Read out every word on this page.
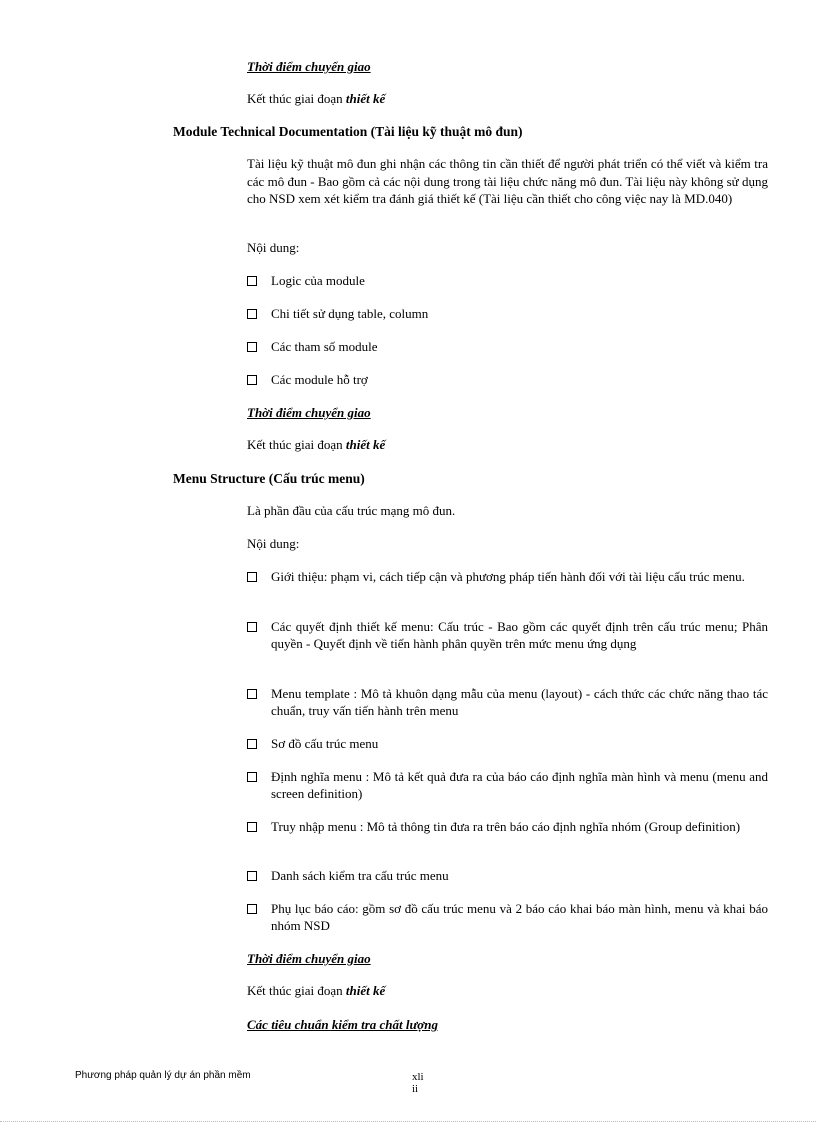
Thời điểm chuyển giao
Kết thúc giai đoạn thiết kế
Module Technical Documentation (Tài liệu kỹ thuật mô đun)
Tài liệu kỹ thuật mô đun ghi nhận các thông tin cần thiết để người phát triển có thể viết và kiểm tra các mô đun - Bao gồm cả các nội dung trong tài liệu chức năng mô đun. Tài liệu này không sử dụng cho NSD xem xét kiểm tra đánh giá thiết kế (Tài liệu cần thiết cho công việc nay là MD.040)
Nội dung:
Logic của module
Chi tiết sử dụng table, column
Các tham số module
Các module hỗ trợ
Thời điểm chuyển giao
Kết thúc giai đoạn thiết kế
Menu Structure (Cấu trúc menu)
Là phần đầu của cấu trúc mạng mô đun.
Nội dung:
Giới thiệu: phạm vi, cách tiếp cận và phương pháp tiến hành đối với tài liệu cấu trúc menu.
Các quyết định thiết kế menu: Cấu trúc - Bao gồm các quyết định trên cấu trúc menu; Phân quyền - Quyết định về tiến hành phân quyền trên mức menu ứng dụng
Menu template : Mô tả khuôn dạng mẫu của menu (layout) - cách thức các chức năng thao tác chuẩn, truy vấn tiến hành trên menu
Sơ đồ cấu trúc menu
Định nghĩa menu : Mô tả kết quả đưa ra của báo cáo định nghĩa màn hình và menu (menu and screen definition)
Truy nhập menu : Mô tả thông tin đưa ra trên báo cáo định nghĩa nhóm (Group definition)
Danh sách kiểm tra cấu trúc menu
Phụ lục báo cáo: gồm sơ đồ cấu trúc menu và 2 báo cáo khai báo màn hình, menu và khai báo nhóm NSD
Thời điểm chuyển giao
Kết thúc giai đoạn thiết kế
Các tiêu chuẩn kiểm tra chất lượng
Phương pháp quản lý dự án phần mềm	xli
ii
